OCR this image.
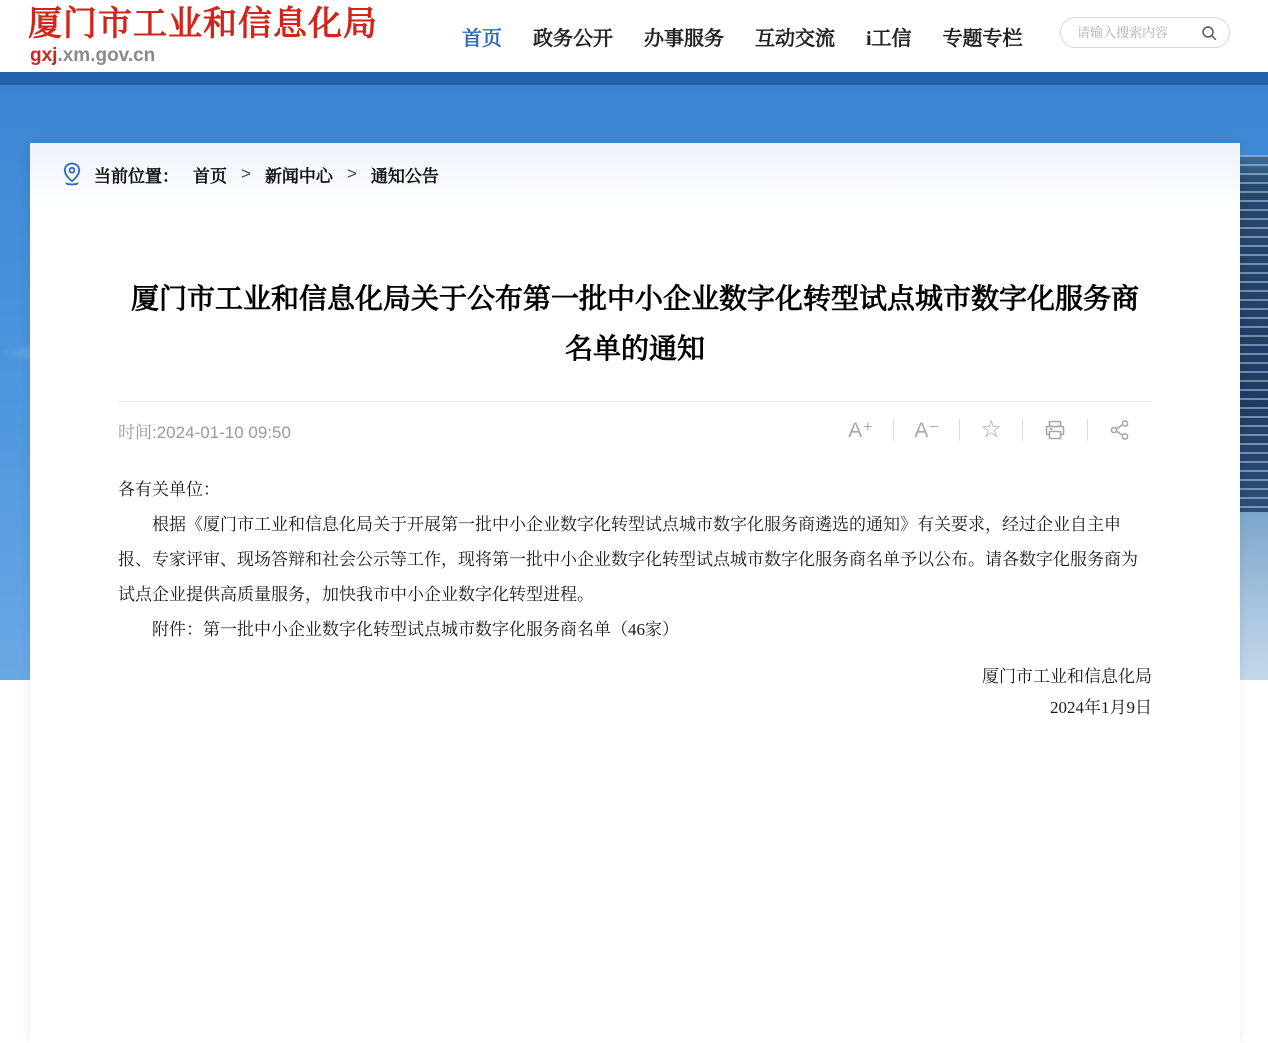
厦门市工业和信息化局
gxj.xm.gov.cn
首页 政务公开 办事服务 互动交流 i工信 专题专栏
请输入搜索内容
当前位置： 首页 > 新闻中心 > 通知公告
厦门市工业和信息化局关于公布第一批中小企业数字化转型试点城市数字化服务商名单的通知
时间:2024-01-10 09:50	A⁺	A⁻	☆

各有关单位：

根据《厦门市工业和信息化局关于开展第一批中小企业数字化转型试点城市数字化服务商遴选的通知》有关要求，经过企业自主申报、专家评审、现场答辩和社会公示等工作，现将第一批中小企业数字化转型试点城市数字化服务商名单予以公布。请各数字化服务商为试点企业提供高质量服务，加快我市中小企业数字化转型进程。

附件：第一批中小企业数字化转型试点城市数字化服务商名单（46家）

厦门市工业和信息化局
2024年1月9日
